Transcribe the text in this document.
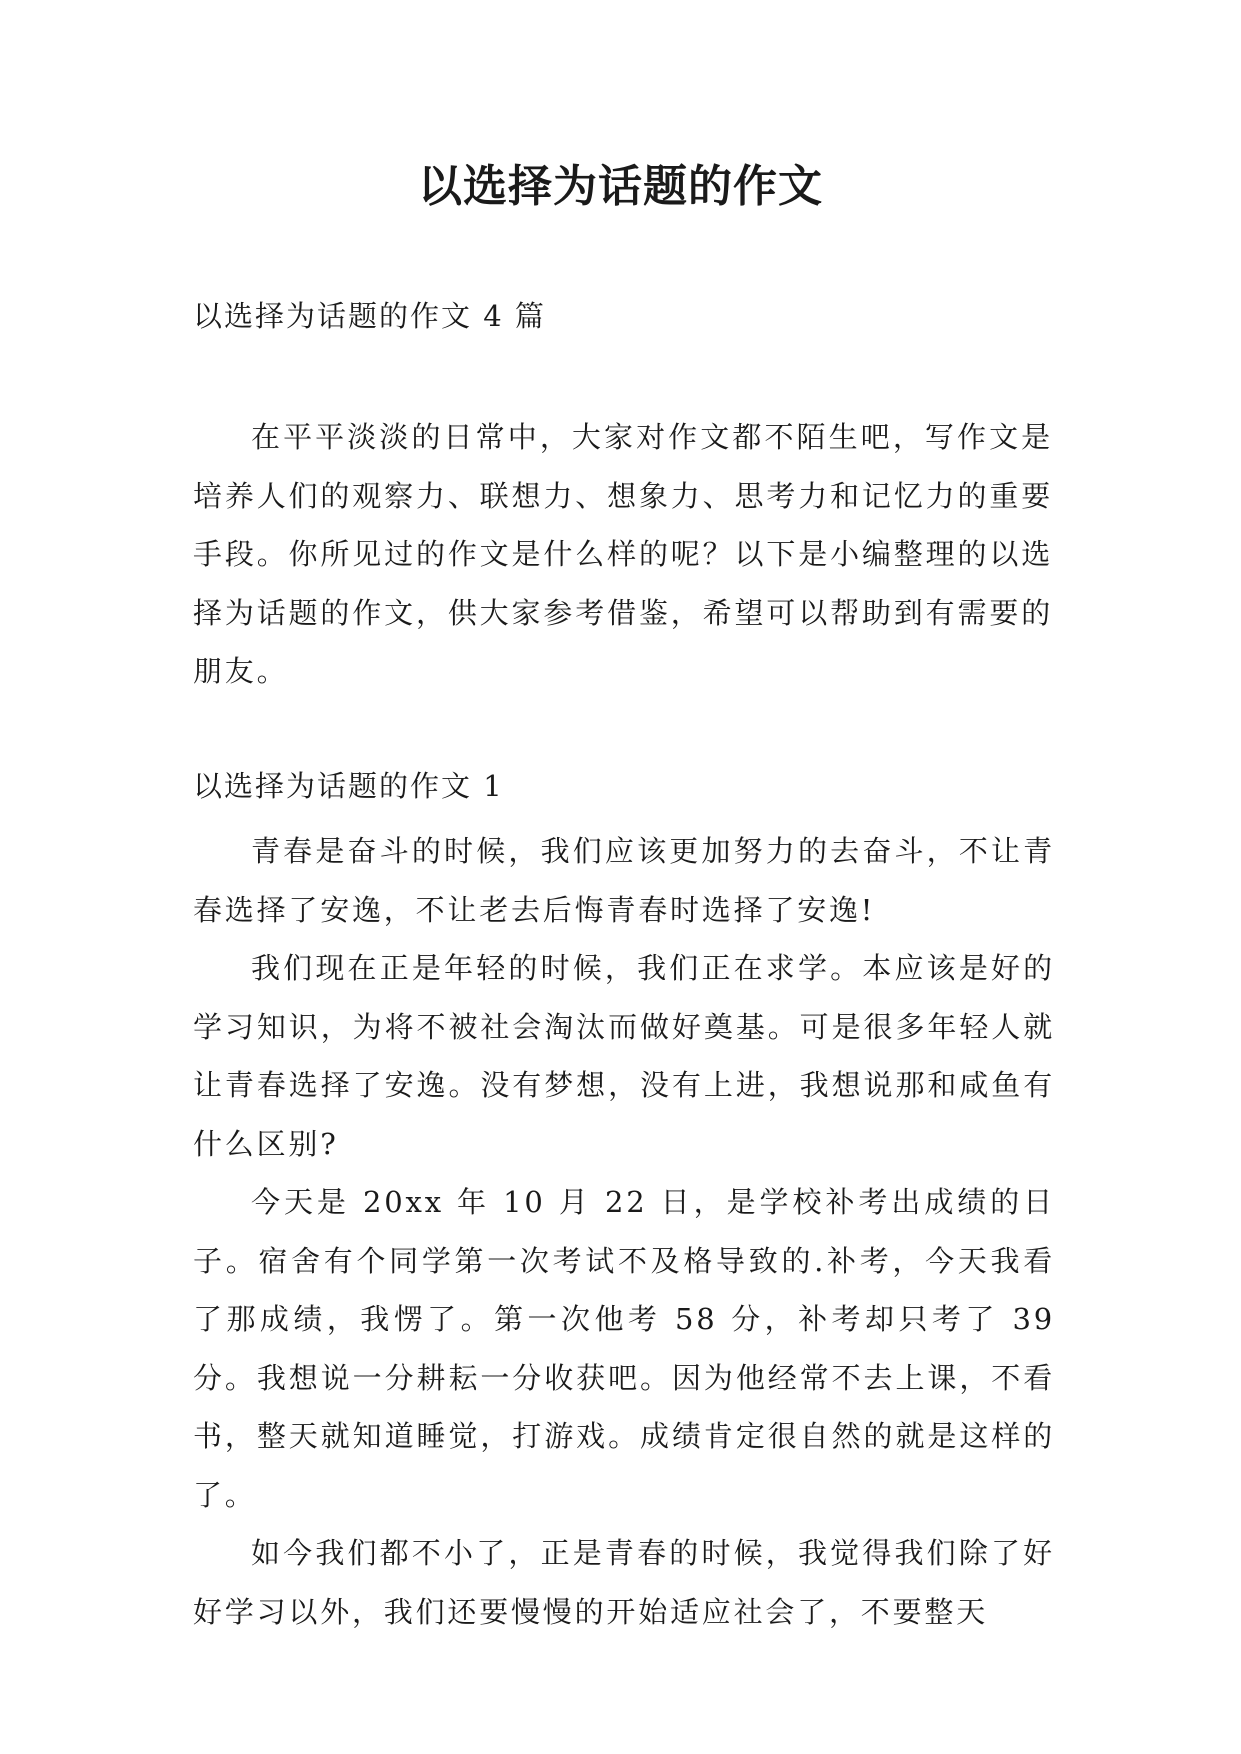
以选择为话题的作文

以选择为话题的作文 4 篇

在平平淡淡的日常中，大家对作文都不陌生吧，写作文是培养人们的观察力、联想力、想象力、思考力和记忆力的重要手段。你所见过的作文是什么样的呢？以下是小编整理的以选择为话题的作文，供大家参考借鉴，希望可以帮助到有需要的朋友。

以选择为话题的作文 1

青春是奋斗的时候，我们应该更加努力的去奋斗，不让青春选择了安逸，不让老去后悔青春时选择了安逸!

我们现在正是年轻的时候，我们正在求学。本应该是好的学习知识，为将不被社会淘汰而做好奠基。可是很多年轻人就让青春选择了安逸。没有梦想，没有上进，我想说那和咸鱼有什么区别?

今天是 20xx 年 10 月 22 日，是学校补考出成绩的日子。宿舍有个同学第一次考试不及格导致的.补考，今天我看了那成绩，我愣了。第一次他考 58 分，补考却只考了 39 分。我想说一分耕耘一分收获吧。因为他经常不去上课，不看书，整天就知道睡觉，打游戏。成绩肯定很自然的就是这样的了。

如今我们都不小了，正是青春的时候，我觉得我们除了好好学习以外，我们还要慢慢的开始适应社会了，不要整天
